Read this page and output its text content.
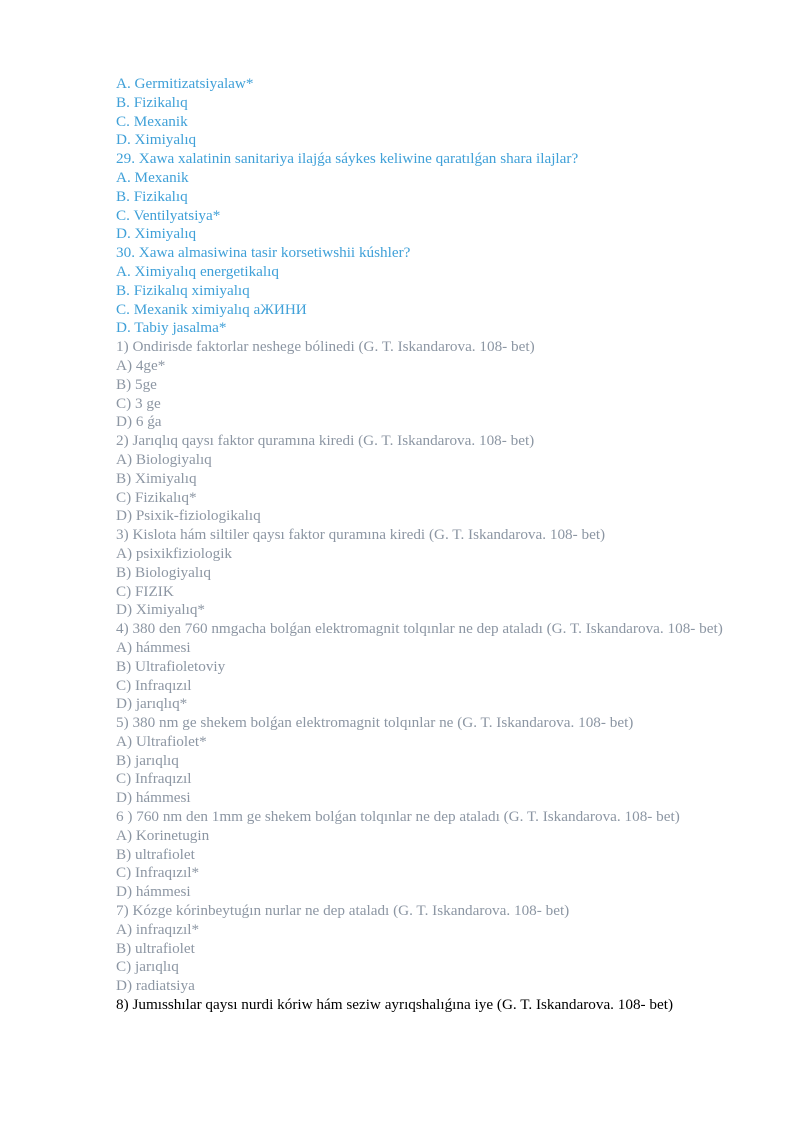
A. Germitizatsiyalaw*
B. Fizikalıq
C. Mexanik
D. Ximiyalıq
29. Xawa xalatinin sanitariya ilajǵa sáykes keliwine qaratılǵan shara ilajlar?
A. Mexanik
B. Fizikalıq
C. Ventilyatsiya*
D. Ximiyalıq
30. Xawa almasiwina tasir korsetiwshii kúshler?
A. Ximiyalıq energetikalıq
B. Fizikalıq ximiyalıq
C. Mexanik ximiyalıq aЖИНИ
D. Tabiy jasalma*
1) Ondirisde faktorlar neshege bólinedi (G. T. Iskandarova. 108- bet)
A) 4ge*
B) 5ge
C) 3 ge
D) 6 ǵa
2) Jarıqlıq qaysı faktor quramına kiredi (G. T. Iskandarova. 108- bet)
A) Biologiyalıq
B) Ximiyalıq
C) Fizikalıq*
D) Psixik-fiziologikalıq
3) Kislota hám siltiler qaysı faktor quramına kiredi (G. T. Iskandarova. 108- bet)
A) psixikfiziologik
B) Biologiyalıq
C) FIZIK
D) Ximiyalıq*
4) 380 den 760 nmgacha bolǵan elektromagnit tolqınlar ne dep ataladı (G. T. Iskandarova. 108- bet)
A) hámmesi
B) Ultrafioletoviy
C) Infraqızıl
D) jarıqlıq*
5) 380 nm ge shekem bolǵan elektromagnit tolqınlar ne (G. T. Iskandarova. 108- bet)
A) Ultrafiolet*
B) jarıqlıq
C) Infraqızıl
D) hámmesi
6 ) 760 nm den 1mm ge shekem bolǵan tolqınlar ne dep ataladı (G. T. Iskandarova. 108- bet)
A) Korinetugin
B) ultrafiolet
C) Infraqızıl*
D) hámmesi
7) Kózge kórinbeytuǵın nurlar ne dep ataladı (G. T. Iskandarova. 108- bet)
A) infraqızıl*
B) ultrafiolet
C) jarıqlıq
D) radiatsiya
8) Jumısshılar qaysı nurdi kóriw hám seziw ayrıqshalıǵına iye (G. T. Iskandarova. 108- bet)
